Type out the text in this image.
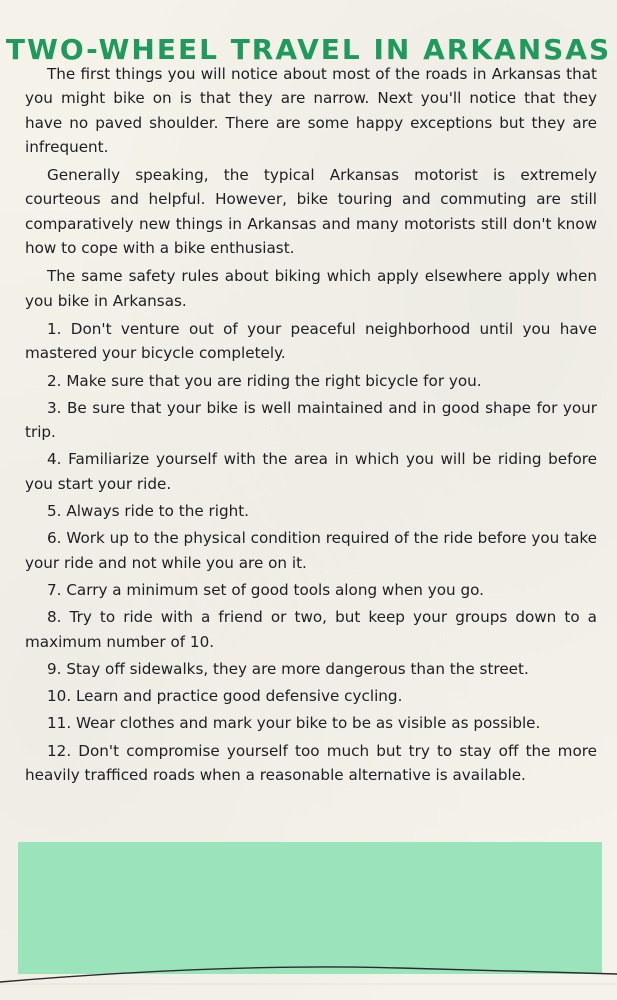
TWO-WHEEL TRAVEL IN ARKANSAS

The first things you will notice about most of the roads in Arkansas that you might bike on is that they are narrow. Next you'll notice that they have no paved shoulder. There are some happy exceptions but they are infrequent.

Generally speaking, the typical Arkansas motorist is extremely courteous and helpful. However, bike touring and commuting are still comparatively new things in Arkansas and many motorists still don't know how to cope with a bike enthusiast.

The same safety rules about biking which apply elsewhere apply when you bike in Arkansas.

1. Don't venture out of your peaceful neighborhood until you have mastered your bicycle completely.

2. Make sure that you are riding the right bicycle for you.

3. Be sure that your bike is well maintained and in good shape for your trip.

4. Familiarize yourself with the area in which you will be riding before you start your ride.

5. Always ride to the right.

6. Work up to the physical condition required of the ride before you take your ride and not while you are on it.

7. Carry a minimum set of good tools along when you go.

8. Try to ride with a friend or two, but keep your groups down to a maximum number of 10.

9. Stay off sidewalks, they are more dangerous than the street.

10. Learn and practice good defensive cycling.

11. Wear clothes and mark your bike to be as visible as possible.

12. Don't compromise yourself too much but try to stay off the more heavily trafficed roads when a reasonable alternative is available.
